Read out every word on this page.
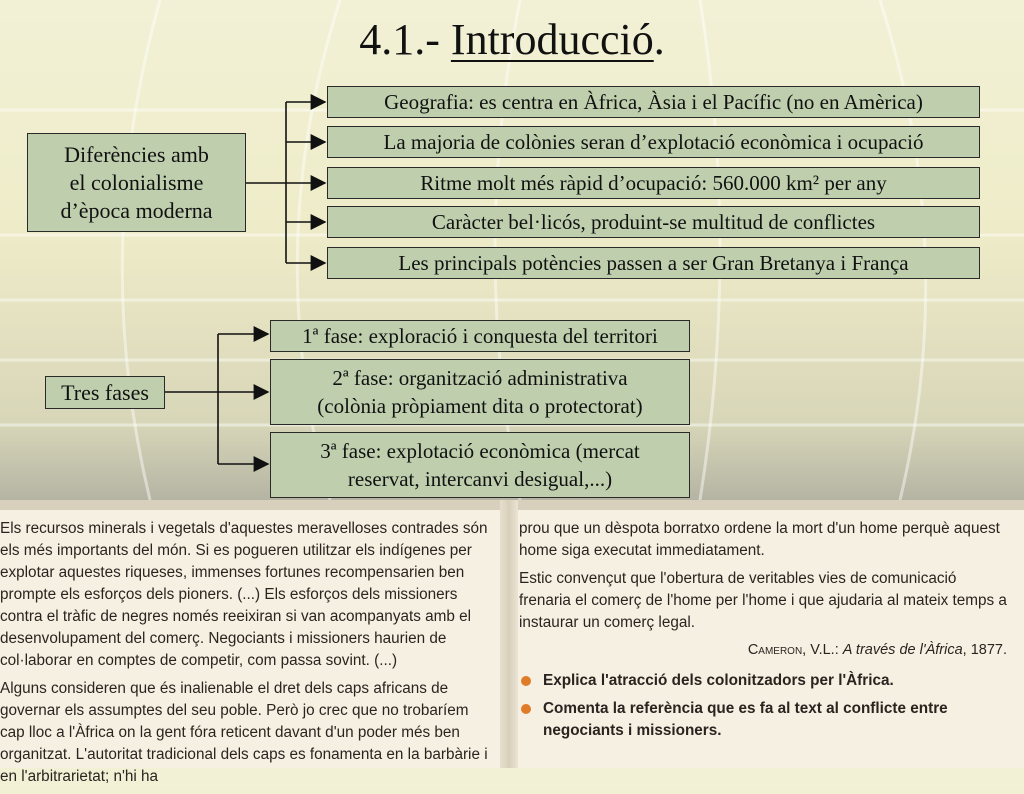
4.1.- Introducció.
Diferències amb
el colonialisme
d’època moderna
Geografia: es centra en Àfrica, Àsia i el Pacífic (no en Amèrica)
La majoria de colònies seran d’explotació econòmica i ocupació
Ritme molt més ràpid d’ocupació: 560.000 km² per any
Caràcter bel·licós, produint-se multitud de conflictes
Les principals potències passen a ser Gran Bretanya i França
Tres fases
1ª fase: exploració i conquesta del territori
2ª fase: organització administrativa
(colònia pròpiament dita o protectorat)
3ª fase: explotació econòmica (mercat
reservat, intercanvi desigual,...)

Els recursos minerals i vegetals d'aquestes meravelloses contrades són els més importants del món. Si es pogueren utilitzar els indígenes per explotar aquestes riqueses, immenses fortunes recompensarien ben prompte els esforços dels pioners. (...) Els esforços dels missioners contra el tràfic de negres només reeixiran si van acompanyats amb el desenvolupament del comerç. Negociants i missioners haurien de col·laborar en comptes de competir, com passa sovint. (...)

Alguns consideren que és inalienable el dret dels caps africans de governar els assumptes del seu poble. Però jo crec que no trobaríem cap lloc a l'Àfrica on la gent fóra reticent davant d'un poder més ben organitzat. L'autoritat tradicional dels caps es fonamenta en la barbàrie i en l'arbitrarietat; n'hi ha

prou que un dèspota borratxo ordene la mort d'un home perquè aquest home siga executat immediatament.

Estic convençut que l'obertura de veritables vies de comunicació frenaria el comerç de l'home per l'home i que ajudaria al mateix temps a instaurar un comerç legal.

Cameron, V.L.: A través de l'Àfrica, 1877.
Explica l'atracció dels colonitzadors per l'Àfrica.
Comenta la referència que es fa al text al conflicte entre negociants i missioners.
